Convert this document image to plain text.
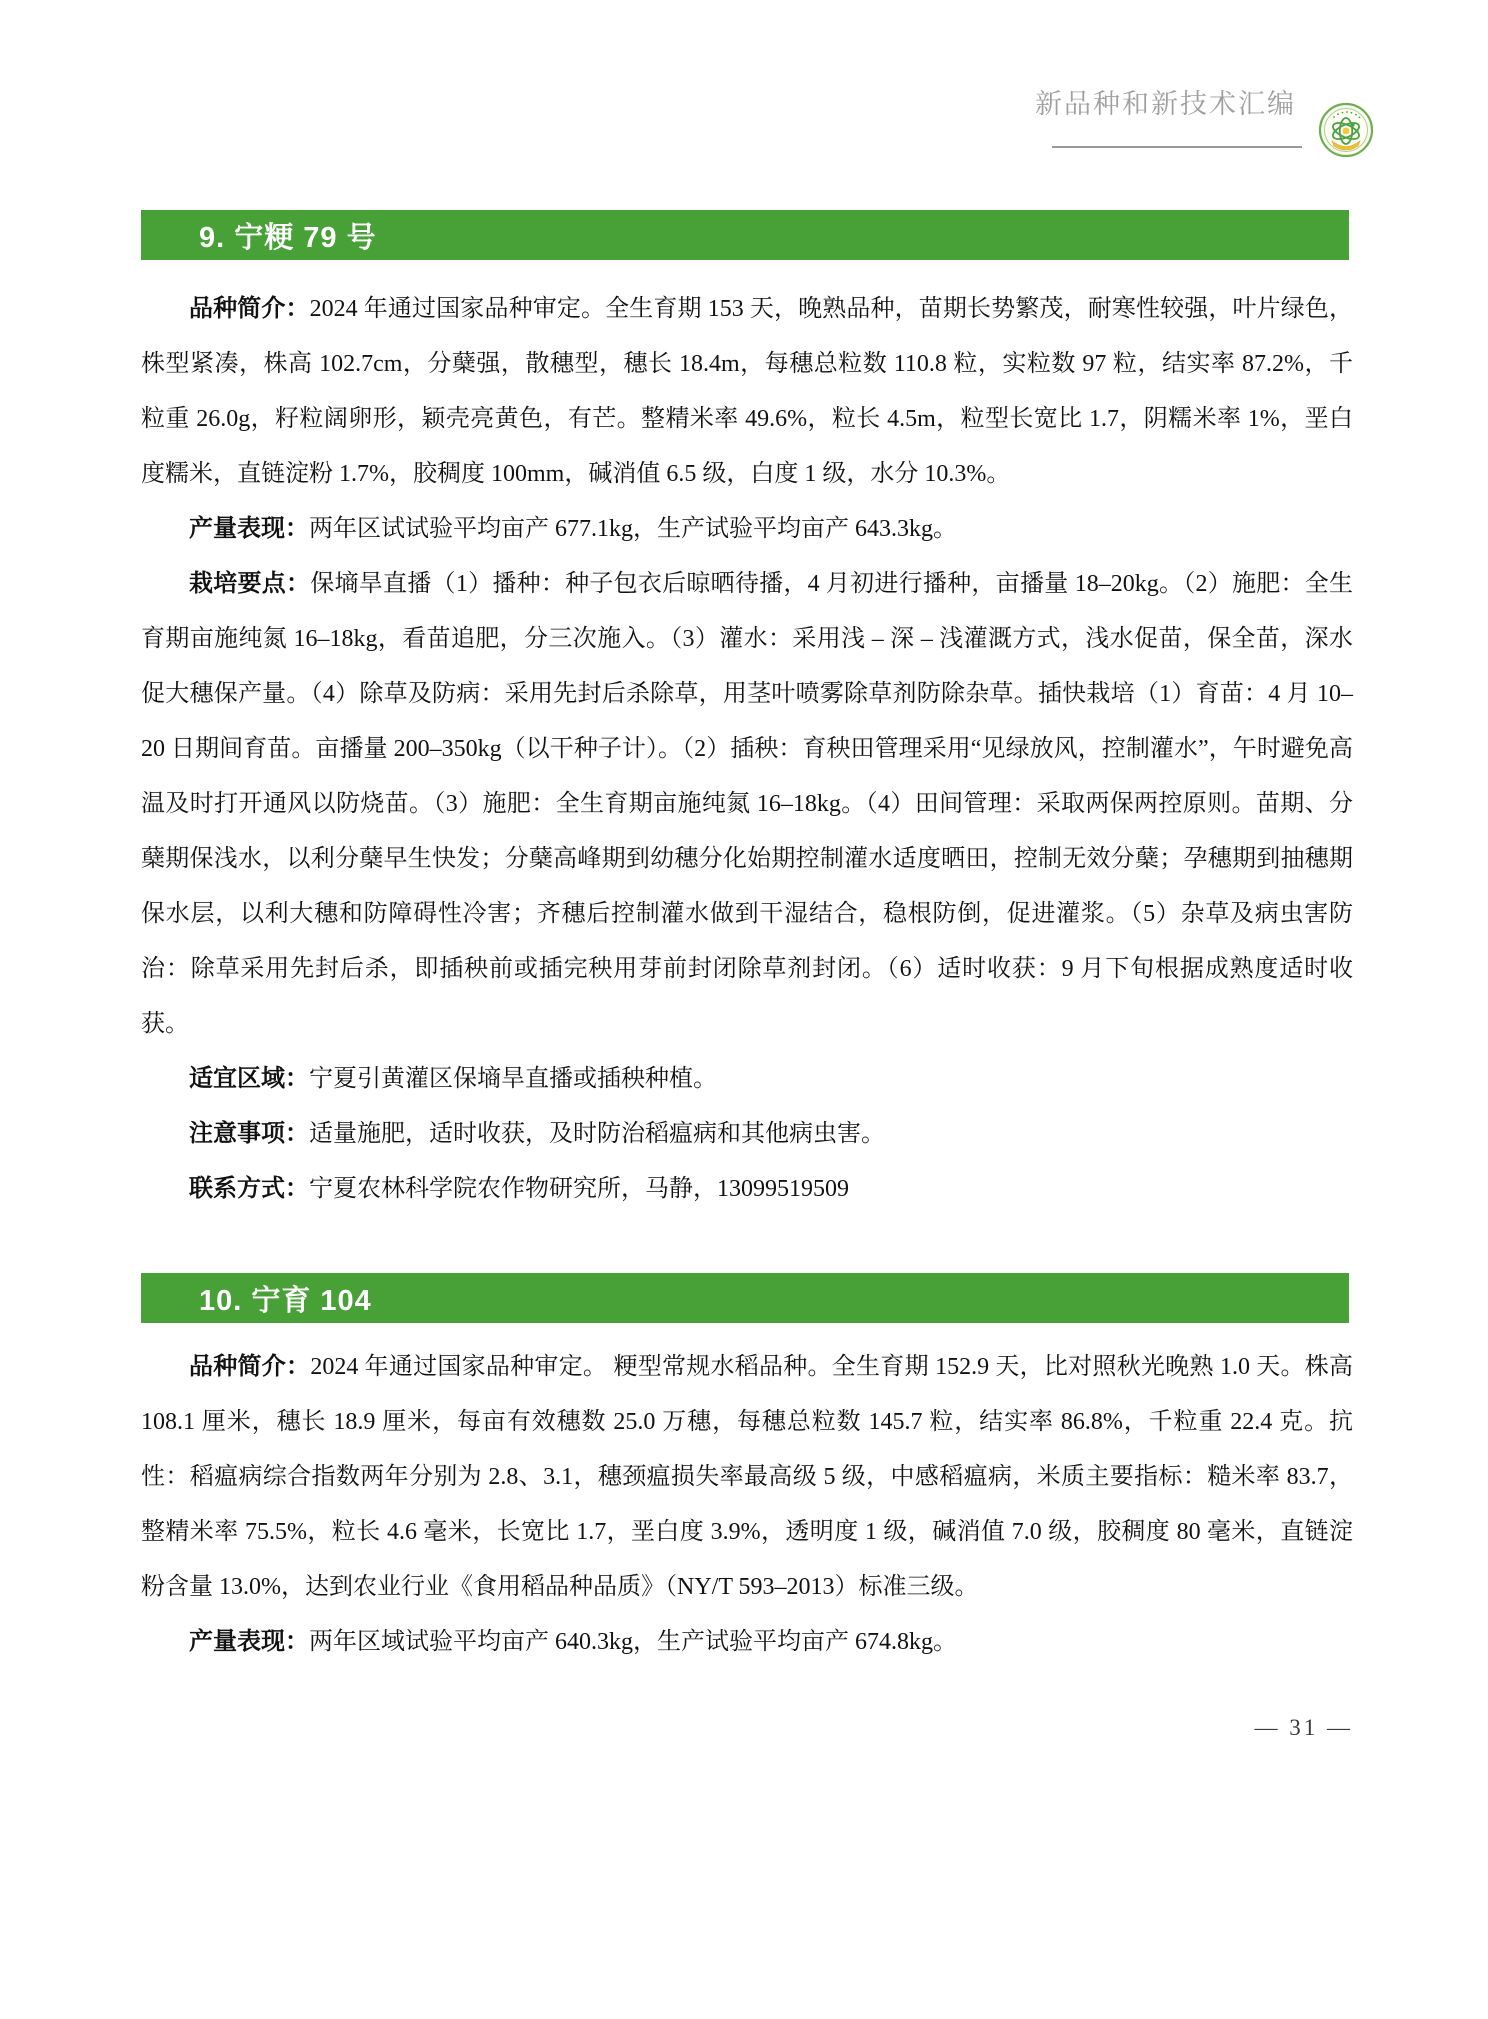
新品种和新技术汇编
9. 宁粳 79 号

品种简介：2024 年通过国家品种审定。全生育期 153 天，晚熟品种，苗期长势繁茂，耐寒性较强，叶片绿色，株型紧凑，株高 102.7cm，分蘖强，散穗型，穗长 18.4m，每穗总粒数 110.8 粒，实粒数 97 粒，结实率 87.2%，千粒重 26.0g，籽粒阔卵形，颖壳亮黄色，有芒。整精米率 49.6%，粒长 4.5m，粒型长宽比 1.7，阴糯米率 1%，垩白度糯米，直链淀粉 1.7%，胶稠度 100mm，碱消值 6.5 级，白度 1 级，水分 10.3%。

产量表现：两年区试试验平均亩产 677.1kg，生产试验平均亩产 643.3kg。

栽培要点：保墒旱直播（1）播种：种子包衣后晾晒待播，4 月初进行播种，亩播量 18–20kg。（2）施肥：全生育期亩施纯氮 16–18kg，看苗追肥，分三次施入。（3）灌水：采用浅 – 深 – 浅灌溉方式，浅水促苗，保全苗，深水促大穗保产量。（4）除草及防病：采用先封后杀除草，用茎叶喷雾除草剂防除杂草。插快栽培（1）育苗：4 月 10–20 日期间育苗。亩播量 200–350kg（以干种子计）。（2）插秧：育秧田管理采用“见绿放风，控制灌水”，午时避免高温及时打开通风以防烧苗。（3）施肥：全生育期亩施纯氮 16–18kg。（4）田间管理：采取两保两控原则。苗期、分蘖期保浅水，以利分蘖早生快发；分蘖高峰期到幼穗分化始期控制灌水适度晒田，控制无效分蘖；孕穗期到抽穗期保水层，以利大穗和防障碍性冷害；齐穗后控制灌水做到干湿结合，稳根防倒，促进灌浆。（5）杂草及病虫害防治：除草采用先封后杀，即插秧前或插完秧用芽前封闭除草剂封闭。（6）适时收获：9 月下旬根据成熟度适时收获。

适宜区域：宁夏引黄灌区保墒旱直播或插秧种植。

注意事项：适量施肥，适时收获，及时防治稻瘟病和其他病虫害。

联系方式：宁夏农林科学院农作物研究所，马静，13099519509

10. 宁育 104

品种简介：2024 年通过国家品种审定。 粳型常规水稻品种。全生育期 152.9 天，比对照秋光晚熟 1.0 天。株高 108.1 厘米，穗长 18.9 厘米，每亩有效穗数 25.0 万穗，每穗总粒数 145.7 粒，结实率 86.8%，千粒重 22.4 克。抗性：稻瘟病综合指数两年分别为 2.8、3.1，穗颈瘟损失率最高级 5 级，中感稻瘟病，米质主要指标：糙米率 83.7，整精米率 75.5%，粒长 4.6 毫米，长宽比 1.7，垩白度 3.9%，透明度 1 级，碱消值 7.0 级，胶稠度 80 毫米，直链淀粉含量 13.0%，达到农业行业《食用稻品种品质》（NY/T 593–2013）标准三级。

产量表现：两年区域试验平均亩产 640.3kg，生产试验平均亩产 674.8kg。

— 31 —
